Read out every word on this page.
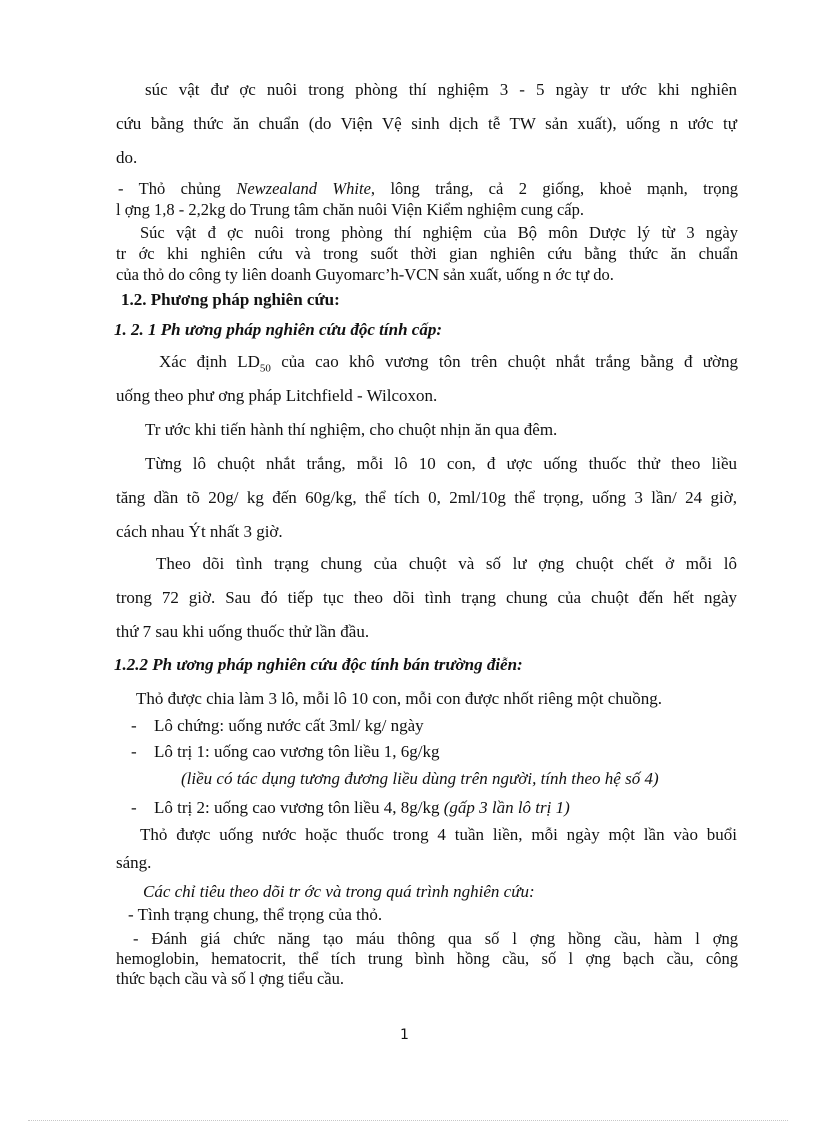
súc vật đư ợc nuôi trong phòng thí nghiệm 3 - 5 ngày tr ước khi nghiên

cứu bằng thức ăn chuẩn (do Viện Vệ sinh dịch tễ TW sản xuất), uống n ước tự

do.

- Thỏ chủng Newzealand White, lông trắng, cả 2 giống, khoẻ mạnh, trọng

l ợng 1,8 - 2,2kg do Trung tâm chăn nuôi Viện Kiểm nghiệm cung cấp.

Súc vật đ ợc nuôi trong phòng thí nghiệm của Bộ môn Dược lý từ 3 ngày

tr ớc khi nghiên cứu và trong suốt thời gian nghiên cứu bằng thức ăn chuẩn

của thỏ do công ty liên doanh Guyomarc’h-VCN sản xuất, uống n ớc tự do.

1.2. Phương pháp nghiên cứu:

1. 2. 1 Ph ương pháp nghiên cứu độc tính cấp:

Xác định $LD_{50}$ của cao khô vương tôn trên chuột nhắt trắng bằng đ ường

uống theo phư ơng pháp Litchfield - Wilcoxon.

Tr ước khi tiến hành thí nghiệm, cho chuột nhịn ăn qua đêm.

Từng lô chuột nhắt trắng, mỗi lô 10 con, đ ược uống thuốc thử theo liều

tăng dần tõ 20g/ kg đến 60g/kg, thể tích 0, 2ml/10g thể trọng, uống 3 lần/ 24 giờ,

cách nhau Ýt nhất 3 giờ.

Theo dõi tình trạng chung của chuột và số lư ợng chuột chết ở mỗi lô

trong 72 giờ. Sau đó tiếp tục theo dõi tình trạng chung của chuột đến hết ngày

thứ 7 sau khi uống thuốc thử lần đầu.

1.2.2 Ph ương pháp nghiên cứu độc tính bán trường điễn:

Thỏ được chia làm 3 lô, mỗi lô 10 con, mỗi con được nhốt riêng một chuồng.

- Lô chứng: uống nước cất 3ml/ kg/ ngày
- Lô trị 1: uống cao vương tôn liều 1, 6g/kg
(liều có tác dụng tương đương liều dùng trên người, tính theo hệ số 4)
- Lô trị 2: uống cao vương tôn liều 4, 8g/kg (gấp 3 lần lô trị 1)

Thỏ được uống nước hoặc thuốc trong 4 tuần liền, mỗi ngày một lần vào buổi

sáng.

Các chỉ tiêu theo dõi tr ớc và trong quá trình nghiên cứu:

- Tình trạng chung, thể trọng của thỏ.

- Đánh giá chức năng tạo máu thông qua số l ợng hồng cầu, hàm l ợng

hemoglobin, hematocrit, thể tích trung bình hồng cầu, số l ợng bạch cầu, công

thức bạch cầu và số l ợng tiểu cầu.

1
